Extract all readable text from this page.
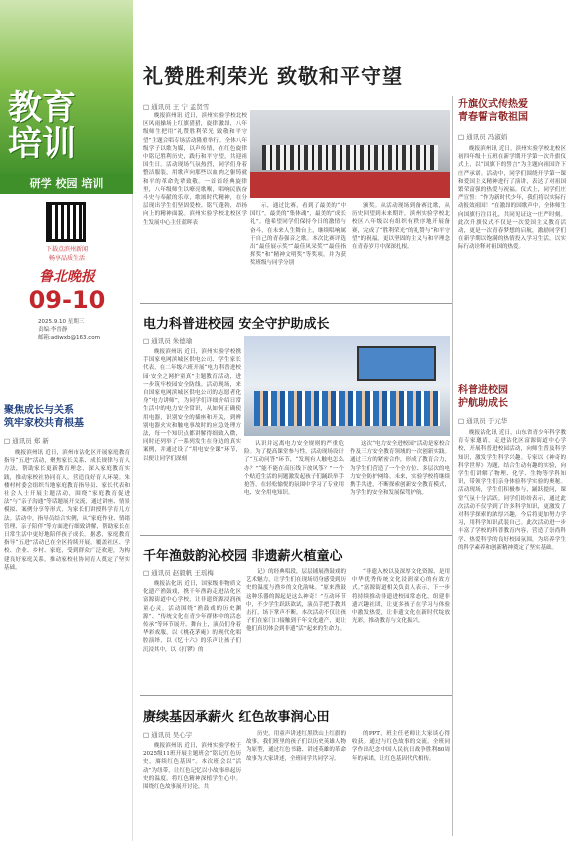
教育
培训
研学 校园 培训
下载点滨州新闻
畅享品质生活
鲁北晚报
09-10
2025.9.10 星期三
责编:李晋静
邮箱:adiwxb@163.com
聚焦成长与关系
筑牢家校共育根基
□ 通讯员 郑 新
晚报滨州讯 近日，滨州市沾化区开展家庭教育指导“五进”活动，聚焦家长关系、成长规律与育人方法，帮助家长更新教育理念，深入家庭教育实践，推动家校社协同育人，营造良好育人环境。朱楼村村委会组织当地家庭教育指导员、家长代表和社会人士开展主题活动，围绕“家庭教育促进法”与“亲子沟通”等话题展开交流，通过讲座、情景模拟、案例分享等形式，为家长们讲授科学育儿方法。活动中，指导员结合实例，从“家庭作业、情绪管理、亲子陪伴”等方面进行细致讲解，帮助家长在日常生活中更好地陪伴孩子成长。据悉，家庭教育指导“五进”活动已在全区持续开展，覆盖社区、学校、企业、乡村、家庭，受到群众广泛欢迎，为构建良好家庭关系，推动家校社协同育人奠定了坚实基础。
礼赞胜利荣光 致敬和平守望
□ 通讯员 王 宁 孟贤雪
晚报滨州讯 近日，滨州实验学校北校区风雨操场上红旗猎猎，旋律激昂，八年级师生把用“礼赞胜利荣光 致敬和平守望”主题合唱专场活动隆重举行。全体八年级学子以歌为媒，以声传情，在红色旋律中铭记胜利历史，践行和平守望，共迎祖国生日。活动现场气氛热烈，同学们身着整洁服装，用歌声向那些以血肉之躯铸就和平的革命先辈致敬。一首首经典旋律里，八年级师生以嘹亮歌喉，唱响民族奋斗史与奉献的乐章，歌颂时代精神，在分层现出学生们坚固爱校、铭气蓬勃，昂扬向上的精神面貌。滨州实验学校北校区学生发展中心主任蓝晖表
示，通过比赛，看到了最美的“中国红”，最美的“集体魂”，最美的“成长礼”。他希望同学们保持今日的激情与奋斗，在未来人生舞台上，继续唱响属于自己的青春强音之歌。本次比赛评选出“最佳展示奖”“最佳风采奖”“最佳指挥奖”和“精神文明奖”等奖项，并为获奖班级与同学分别
颁奖。从活动现场到备赛比歌，从历史回望到未来期许，滨州实验学校北校区八年级以有组织有秩序地开展备赛，完成了“胜利荣光”的礼赞与“和平守望”的祝福，更以坚固的主义与和平理念在青春岁月中深深扎根。
电力科普进校园 安全守护助成长
□ 通讯员 朱德瑜
晚报滨州讯 近日，滨州实验学校携手国家电网滨城区供电公司、学生家长代表，在二年级六班开展“电力科普进校园·安全之网护童真”主题教育活动，进一步筑牢校园安全防线。活动现场，来自国家电网滨城区供电公司的志愿者化身“电力讲师”，为同学们详细介绍日常生活中的电力安全常识，从如何正确使用电器，识别安全的插座和开关，到辨别电器火灾和触电事故时的应急处理方法，每一个知识点都讲解得细致入微，同时还列举了一系列发生在身边的真实案例，并通过设了“用电安全课”环节，以便让同学们深刻
认识并远离电力安全规则的严重危险。为了提高课堂参与性，活动现场设计了“互动问答”环节，“发现有人触电怎么办？”“能不能在高压线下放风筝？”一个个贴近生活的问题激发起孩子们踊跃举手抢答，在轻松愉悦的氛围中学习了专业用电、安全用电知识。
这次“电力安全进校园”活动是家校合作及三方安全教育领域的一次创新实践。通过三方的紧密合作，形成了教育合力，为学生们营造了一个全方位、多层次的电力安全防护网络。未来，实验学校将继续携手共进，不断探索创新安全教育模式，为学生的安全和发展保驾护航。
千年渔鼓韵沁校园 非遗薪火植童心
□ 通讯员 赵毅帆 王瑶梅
晚报沾化讯 近日，国家级非物质文化遗产渔鼓戏，携千年渔韵走进沾化区富源街道中心学校，让非遗资源浸润孩童心灵。活动围绕“渔鼓戏的历史渊源”、“传统文化在青少年群体中的活态传承”等环节展开。舞台上，演员们身着华彩戏服，以《桃花茅庵》的现代化唱腔演绎，以《忆十六》的乐声让孩子们沉浸其中，以《打锣》的
记》的经典唱段，层层铺展渔鼓戏的艺术魅力，让学生们在现场切身感受到历史的温度与渔乡的文化韵味。“原来渔鼓这种乐器的源起是这么神奇！”互动环节中，不少学生跃跃欲试，演员手把手教其击打，场下掌声不断。本次活动不仅让孩子们在家门口接触到千年文化遗产，更让他们真切体会到非遗“活”起来的生命力。
“非遗入校以及深厚文化资源，是用中华优秀传统文化浸润童心的有效方式。”富源街道相关负责人表示，下一步将持续推动非遗进校园常态化，组建非遗兴趣社团，让更多孩子在学习与体验中激发热爱，让非遗文化在新时代绽放光彩，推动教育与文化振兴。
赓续基因承薪火 红色故事润心田
□ 通讯员 吴心宇
晚报滨州讯 近日，滨州实验学校于2025级11班开展主题班会“铭记红色历史，赓续红色基因”。本次班会以“活动”为纽带，让红色记忆以小故事串起历史的温度，将红色精神深植学生心中。围绕红色故事展开讨论，共
历史，用童声讲述红黑铁山上红旗的故事。我们班里的孩子们以历史英雄人物为原型，通过红色书籍、讲述英雄的革命故事为大家讲述，全班同学共同学习。
的PPT，班主任老师让大家谈心得收获。通过与红色故事的交流，全班同学作出纪念中国人民抗日战争胜利80周年的承诺，让红色基因代代相传。
升旗仪式传热爱
青春誓言敬祖国
□ 通讯员 冯淑娟
晚报滨州讯 近日，滨州实验学校北校区初四年级十五班在新学期开学第一次升旗仪式上，以“国旗下的誓言”为主题向祖国许下庄严承诺。活动中，同学们围绕开学第一课和爱国主义精神进行了演讲，表达了对祖国繁荣富强的热爱与祝福。仪式上，同学们庄严宣誓：“作为新时代少年，我们将以实际行动报效祖国！”在激昂的国歌声中，全体师生向国旗行注目礼，共同见证这一庄严时刻。此次升旗仪式不仅是一次爱国主义教育活动，更是一次青春梦想的启航，激励同学们在新学期以饱满的热情投入学习生活，以实际行动诠释对祖国的热爱。
科普进校园
护航助成长
□ 通讯员 于元华
晚报沾化讯 近日，山东省青少年科学教育专家邀请，走进沾化区富源街道中心学校，开展科普进校园活动，向师生普及科学知识，激发学生科学兴趣。专家以《神奇的科学世界》为题，结合生动有趣的实验，向学生们讲解了物理、化学、生物等学科知识，带领学生们亲身体验科学实验的奥秘。活动现场，学生们积极参与，踊跃提问，课堂气氛十分活跃。同学们纷纷表示，通过此次活动不仅学到了许多科学知识，更激发了对科学探索的浓厚兴趣，今后将更加努力学习，用科学知识武装自己。此次活动进一步丰富了学校的科普教育内容，营造了崇尚科学、热爱科学的良好校园氛围，为培养学生的科学素养和创新精神奠定了坚实基础。
